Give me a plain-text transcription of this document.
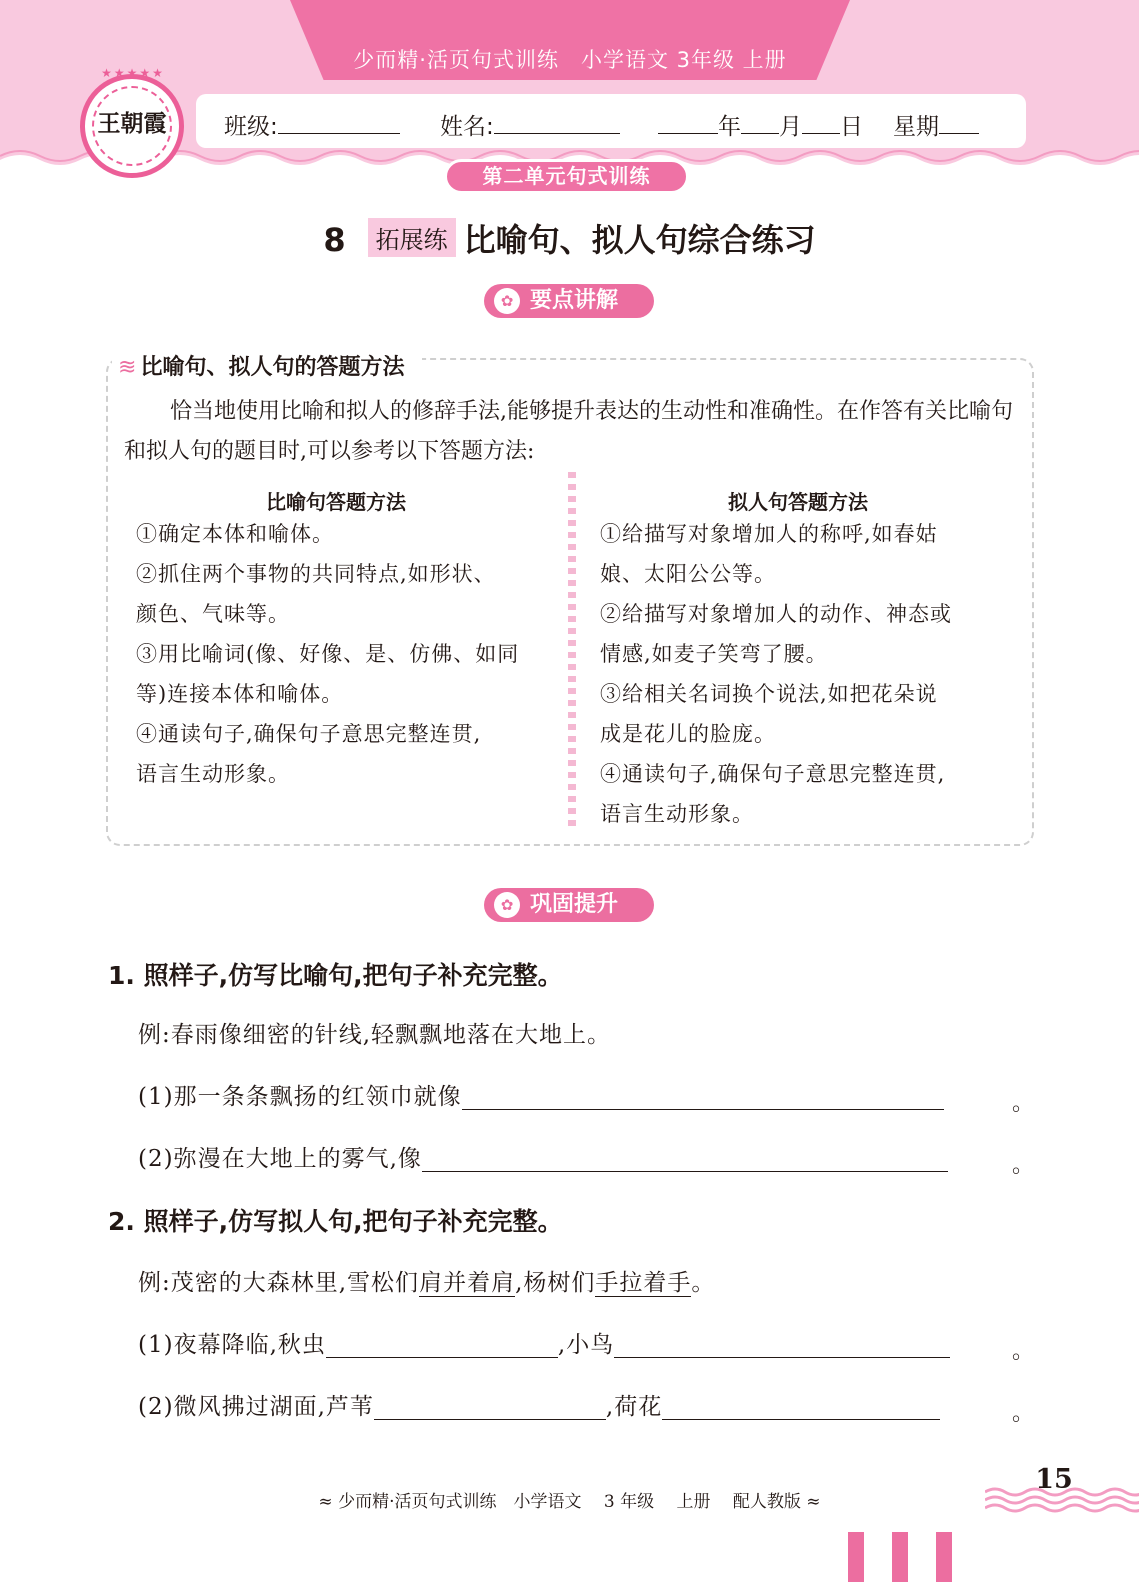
少而精·活页句式训练　小学语文 3年级 上册
王朝霞
★★★★★
班级:	姓名:	年 月 日 星期
第二单元句式训练
8 拓展练 比喻句、拟人句综合练习
✿ 要点讲解
≋ 比喻句、拟人句的答题方法
恰当地使用比喻和拟人的修辞手法,能够提升表达的生动性和准确性。在作答有关比喻句和拟人句的题目时,可以参考以下答题方法:
比喻句答题方法

①确定本体和喻体。

②抓住两个事物的共同特点,如形状、

颜色、气味等。

③用比喻词(像、好像、是、仿佛、如同

等)连接本体和喻体。

④通读句子,确保句子意思完整连贯,

语言生动形象。

拟人句答题方法

①给描写对象增加人的称呼,如春姑

娘、太阳公公等。

②给描写对象增加人的动作、神态或

情感,如麦子笑弯了腰。

③给相关名词换个说法,如把花朵说

成是花儿的脸庞。

④通读句子,确保句子意思完整连贯,

语言生动形象。

✿ 巩固提升
1. 照样子,仿写比喻句,把句子补充完整。
例:春雨像细密的针线,轻飘飘地落在大地上。
(1)那一条条飘扬的红领巾就像	。
(2)弥漫在大地上的雾气,像	。
2. 照样子,仿写拟人句,把句子补充完整。
例:茂密的大森林里,雪松们肩并着肩,杨树们手拉着手。
(1)夜幕降临,秋虫	,小鸟	。
(2)微风拂过湖面,芦苇	,荷花	。
≈ 少而精·活页句式训练　小学语文　 3 年级 　上册 　配人教版 ≈
15
